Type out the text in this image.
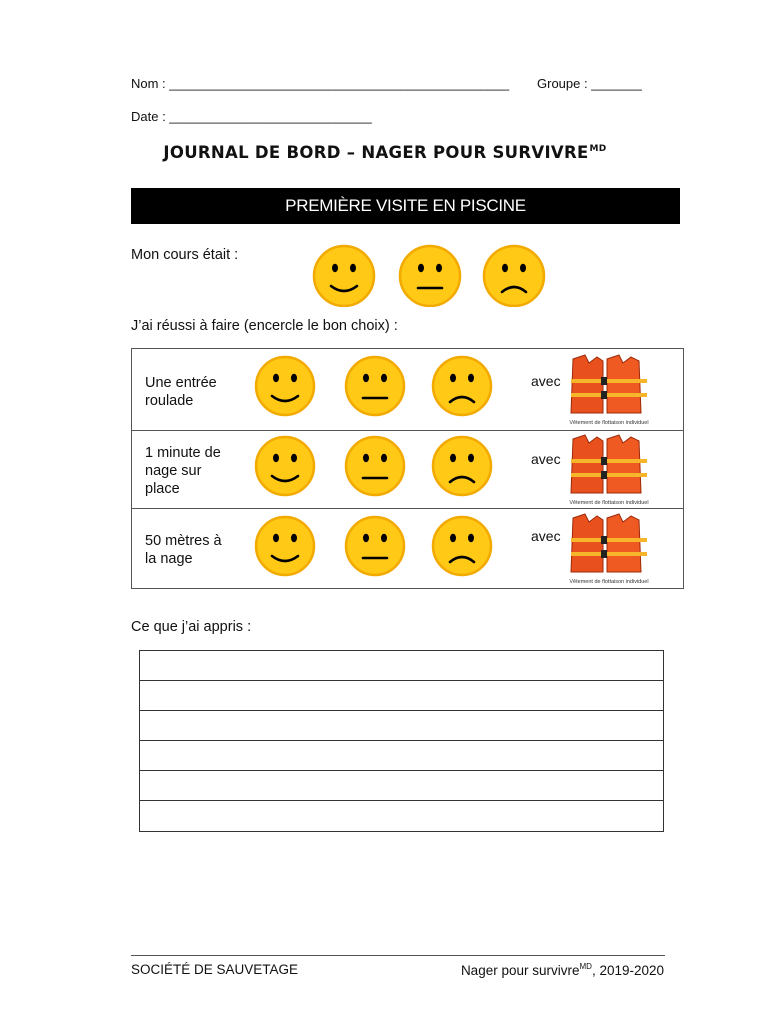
Nom : _______________________________________________ Groupe : _______
Date : ____________________________
JOURNAL DE BORD – NAGER POUR $SURVIVRE^{MD}$
PREMIÈRE VISITE EN PISCINE
Mon cours était :
J’ai réussi à faire (encercle le bon choix) :
Une entrée roulade
avec
1 minute de nage sur place
avec
50 mètres à la nage
avec
Vêtement de flottaison individuel
Vêtement de flottaison individuel
Vêtement de flottaison individuel
Ce que j’ai appris :
SOCIÉTÉ DE SAUVETAGE	Nager pour survivre$^{MD}$, 2019-2020
